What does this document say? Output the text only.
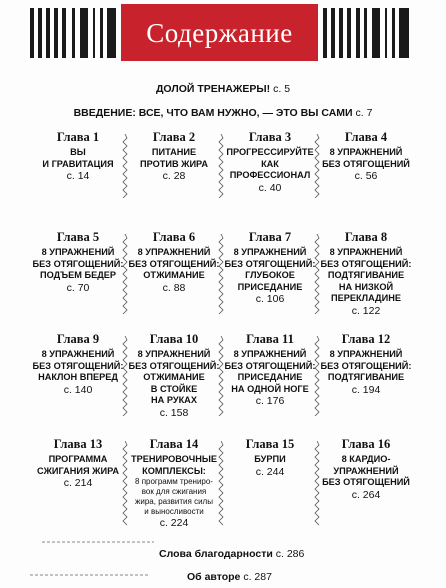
Содержание
ДОЛОЙ ТРЕНАЖЕРЫ! с. 5
ВВЕДЕНИЕ: ВСЕ, ЧТО ВАМ НУЖНО, — ЭТО ВЫ САМИ с. 7
Глава 1
ВЫ
И ГРАВИТАЦИЯ
с. 14
Глава 2
ПИТАНИЕ
ПРОТИВ ЖИРА
с. 28
Глава 3
ПРОГРЕССИРУЙТЕ
КАК
ПРОФЕССИОНАЛ
с. 40
Глава 4
8 УПРАЖНЕНИЙ
БЕЗ ОТЯГОЩЕНИЙ
с. 56
Глава 5
8 УПРАЖНЕНИЙ
БЕЗ ОТЯГОЩЕНИЙ:
ПОДЪЕМ БЕДЕР
с. 70
Глава 6
8 УПРАЖНЕНИЙ
БЕЗ ОТЯГОЩЕНИЙ:
ОТЖИМАНИЕ
с. 88
Глава 7
8 УПРАЖНЕНИЙ
БЕЗ ОТЯГОЩЕНИЙ:
ГЛУБОКОЕ
ПРИСЕДАНИЕ
с. 106
Глава 8
8 УПРАЖНЕНИЙ
БЕЗ ОТЯГОЩЕНИЙ:
ПОДТЯГИВАНИЕ
НА НИЗКОЙ
ПЕРЕКЛАДИНЕ
с. 122
Глава 9
8 УПРАЖНЕНИЙ
БЕЗ ОТЯГОЩЕНИЙ:
НАКЛОН ВПЕРЕД
с. 140
Глава 10
8 УПРАЖНЕНИЙ
БЕЗ ОТЯГОЩЕНИЙ:
ОТЖИМАНИЕ
В СТОЙКЕ
НА РУКАХ
с. 158
Глава 11
8 УПРАЖНЕНИЙ
БЕЗ ОТЯГОЩЕНИЙ:
ПРИСЕДАНИЕ
НА ОДНОЙ НОГЕ
с. 176
Глава 12
8 УПРАЖНЕНИЙ
БЕЗ ОТЯГОЩЕНИЙ:
ПОДТЯГИВАНИЕ
с. 194
Глава 13
ПРОГРАММА
СЖИГАНИЯ ЖИРА
с. 214
Глава 14
ТРЕНИРОВОЧНЫЕ
КОМПЛЕКСЫ:
8 программ трениро-
вок для сжигания
жира, развития силы
и выносливости
с. 224
Глава 15
БУРПИ
с. 244
Глава 16
8 КАРДИО-
УПРАЖНЕНИЙ
БЕЗ ОТЯГОЩЕНИЙ
с. 264
Слова благодарности с. 286
Об авторе с. 287
